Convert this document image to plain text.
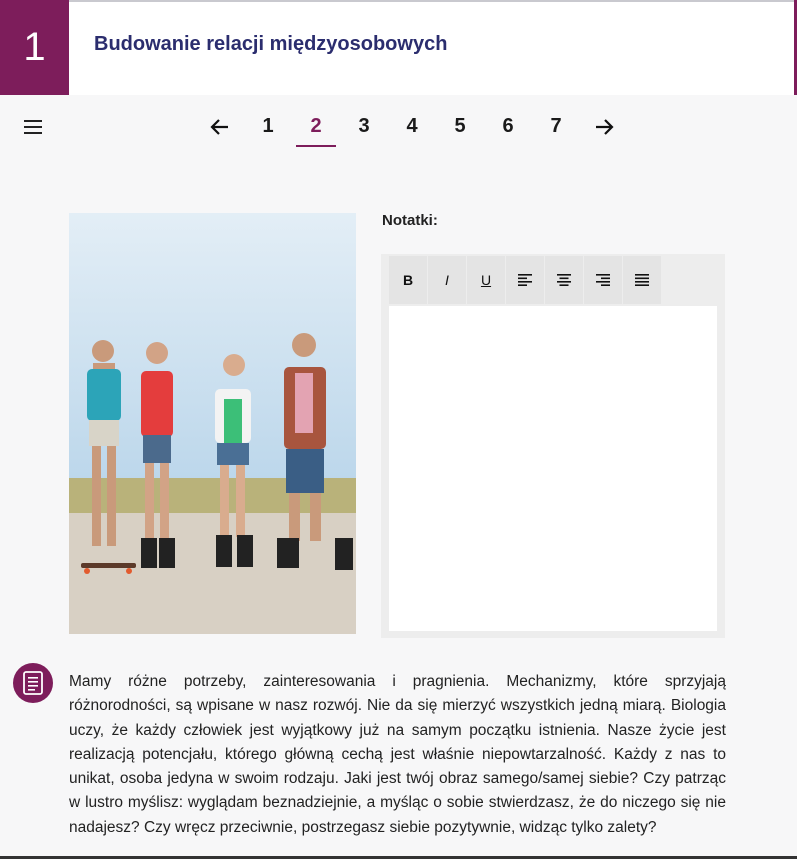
1	Budowanie relacji międzyosobowych
1	2	3	4	5	6	7
Notatki:
B I U

Mamy różne potrzeby, zainteresowania i pragnienia. Mechanizmy, które sprzyjają różnorodności, są wpisane w nasz rozwój. Nie da się mierzyć wszystkich jedną miarą. Biologia uczy, że każdy człowiek jest wyjątkowy już na samym początku istnienia. Nasze życie jest realizacją potencjału, którego główną cechą jest właśnie niepowtarzalność. Każdy z nas to unikat, osoba jedyna w swoim rodzaju. Jaki jest twój obraz samego/samej siebie? Czy patrząc w lustro myślisz: wyglądam beznadziejnie, a myśląc o sobie stwierdzasz, że do niczego się nie nadajesz? Czy wręcz przeciwnie, postrzegasz siebie pozytywnie, widząc tylko zalety?
